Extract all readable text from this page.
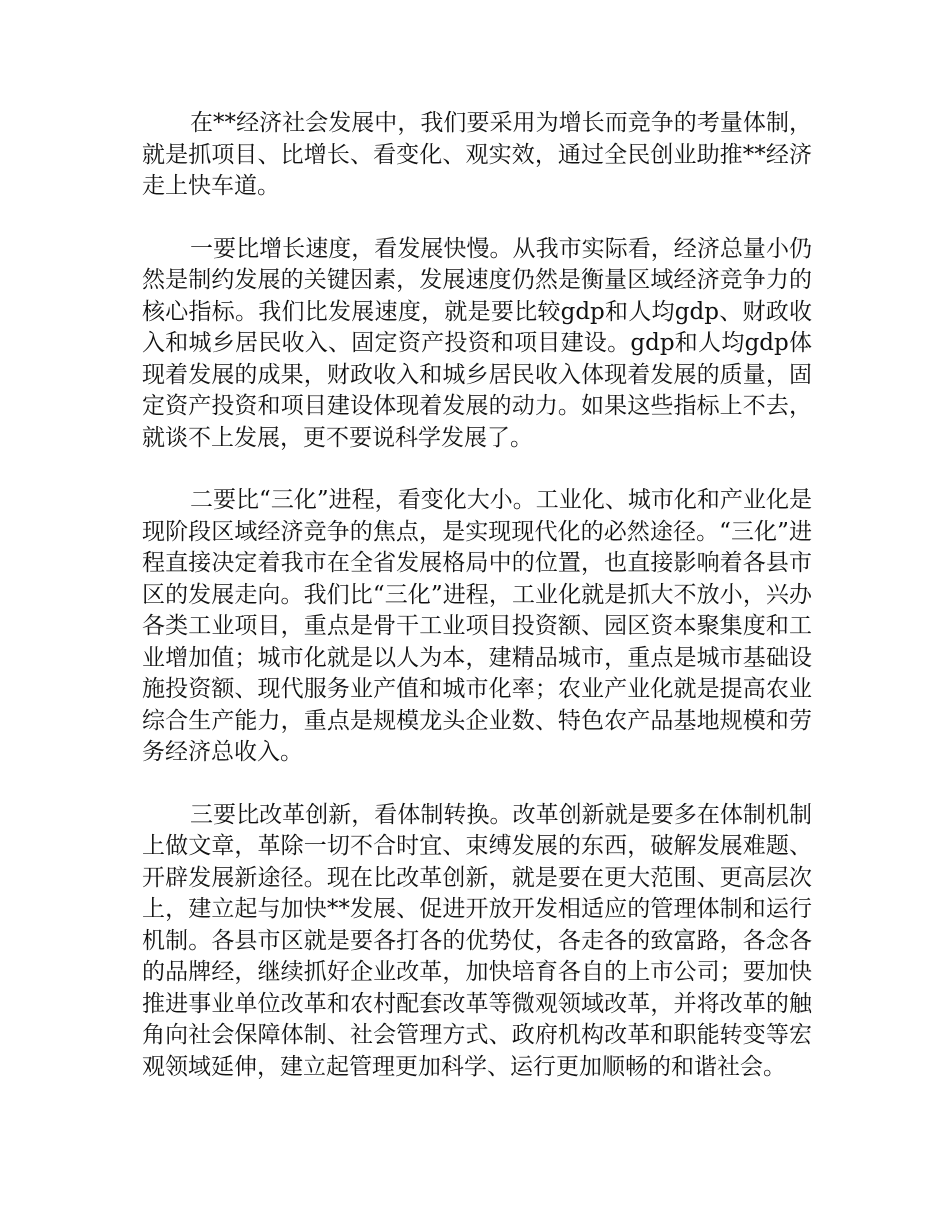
在**经济社会发展中，我们要采用为增长而竞争的考量体制，就是抓项目、比增长、看变化、观实效，通过全民创业助推**经济走上快车道。

一要比增长速度，看发展快慢。从我市实际看，经济总量小仍然是制约发展的关键因素，发展速度仍然是衡量区域经济竞争力的核心指标。我们比发展速度，就是要比较gdp和人均gdp、财政收入和城乡居民收入、固定资产投资和项目建设。gdp和人均gdp体现着发展的成果，财政收入和城乡居民收入体现着发展的质量，固定资产投资和项目建设体现着发展的动力。如果这些指标上不去，就谈不上发展，更不要说科学发展了。

二要比“三化”进程，看变化大小。工业化、城市化和产业化是现阶段区域经济竞争的焦点，是实现现代化的必然途径。“三化”进程直接决定着我市在全省发展格局中的位置，也直接影响着各县市区的发展走向。我们比“三化”进程，工业化就是抓大不放小，兴办各类工业项目，重点是骨干工业项目投资额、园区资本聚集度和工业增加值；城市化就是以人为本，建精品城市，重点是城市基础设施投资额、现代服务业产值和城市化率；农业产业化就是提高农业综合生产能力，重点是规模龙头企业数、特色农产品基地规模和劳务经济总收入。

三要比改革创新，看体制转换。改革创新就是要多在体制机制上做文章，革除一切不合时宜、束缚发展的东西，破解发展难题、开辟发展新途径。现在比改革创新，就是要在更大范围、更高层次上，建立起与加快**发展、促进开放开发相适应的管理体制和运行机制。各县市区就是要各打各的优势仗，各走各的致富路，各念各的品牌经，继续抓好企业改革，加快培育各自的上市公司；要加快推进事业单位改革和农村配套改革等微观领域改革，并将改革的触角向社会保障体制、社会管理方式、政府机构改革和职能转变等宏观领域延伸，建立起管理更加科学、运行更加顺畅的和谐社会。
